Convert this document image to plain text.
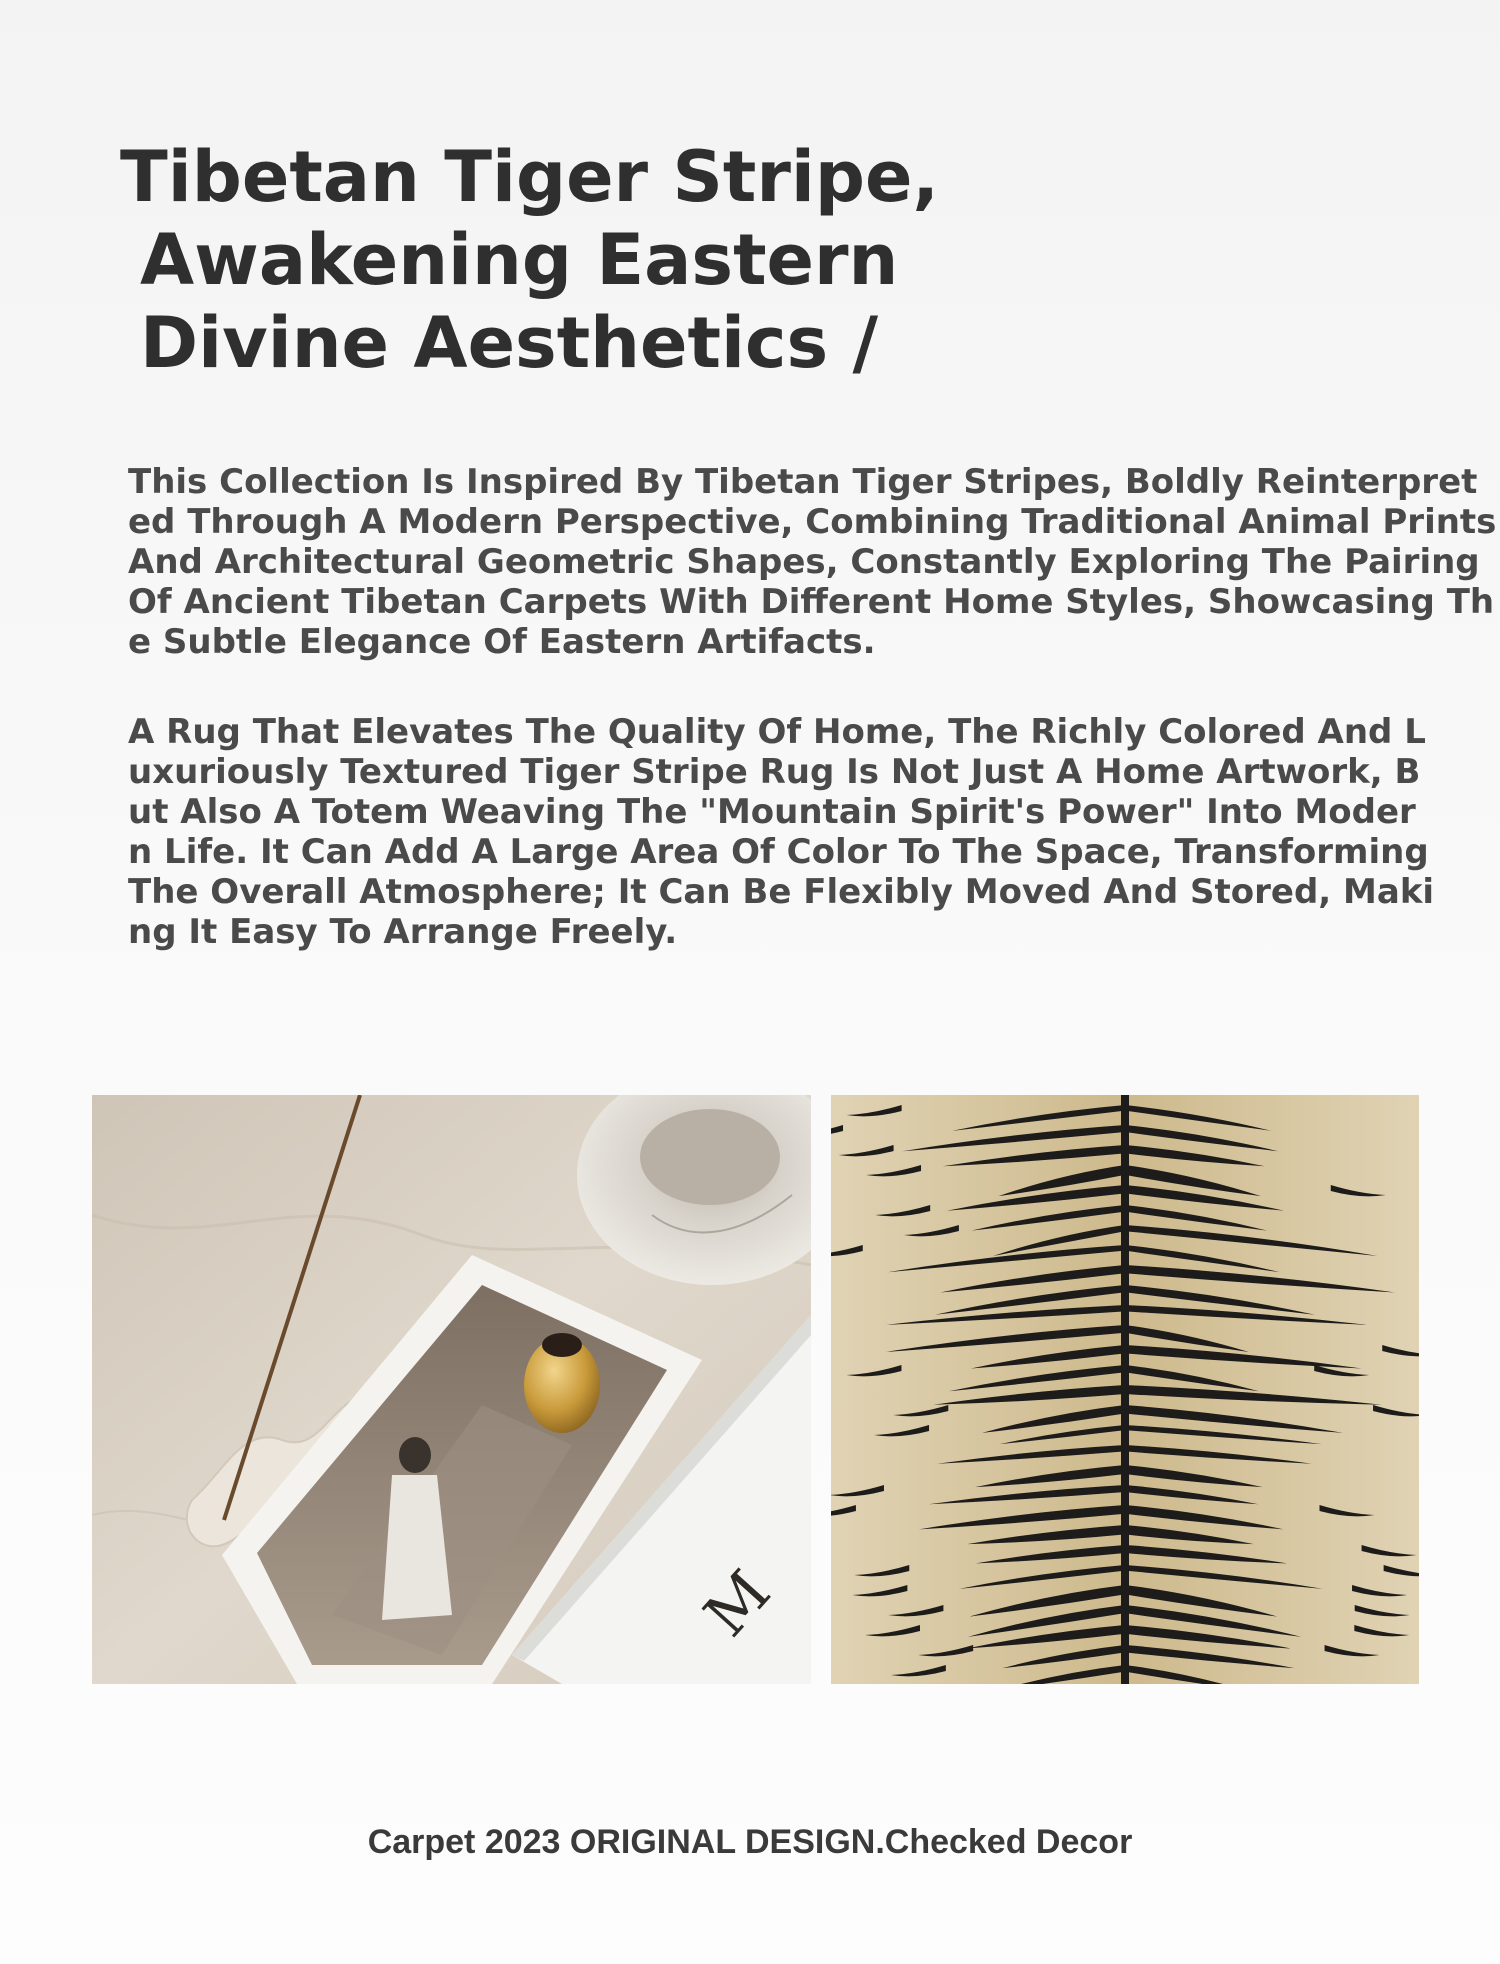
Tibetan Tiger Stripe,
Awakening Eastern
Divine Aesthetics /

This Collection Is Inspired By Tibetan Tiger Stripes, Boldly Reinterpreted Through A Modern Perspective, Combining Traditional Animal Prints And Architectural Geometric Shapes, Constantly Exploring The Pairing Of Ancient Tibetan Carpets With Different Home Styles, Showcasing The Subtle Elegance Of Eastern Artifacts.

A Rug That Elevates The Quality Of Home, The Richly Colored And Luxuriously Textured Tiger Stripe Rug Is Not Just A Home Artwork, But Also A Totem Weaving The "Mountain Spirit's Power" Into Modern Life. It Can Add A Large Area Of Color To The Space, Transforming The Overall Atmosphere; It Can Be Flexibly Moved And Stored, Making It Easy To Arrange Freely.

M

Carpet 2023 ORIGINAL DESIGN.Checked Decor
